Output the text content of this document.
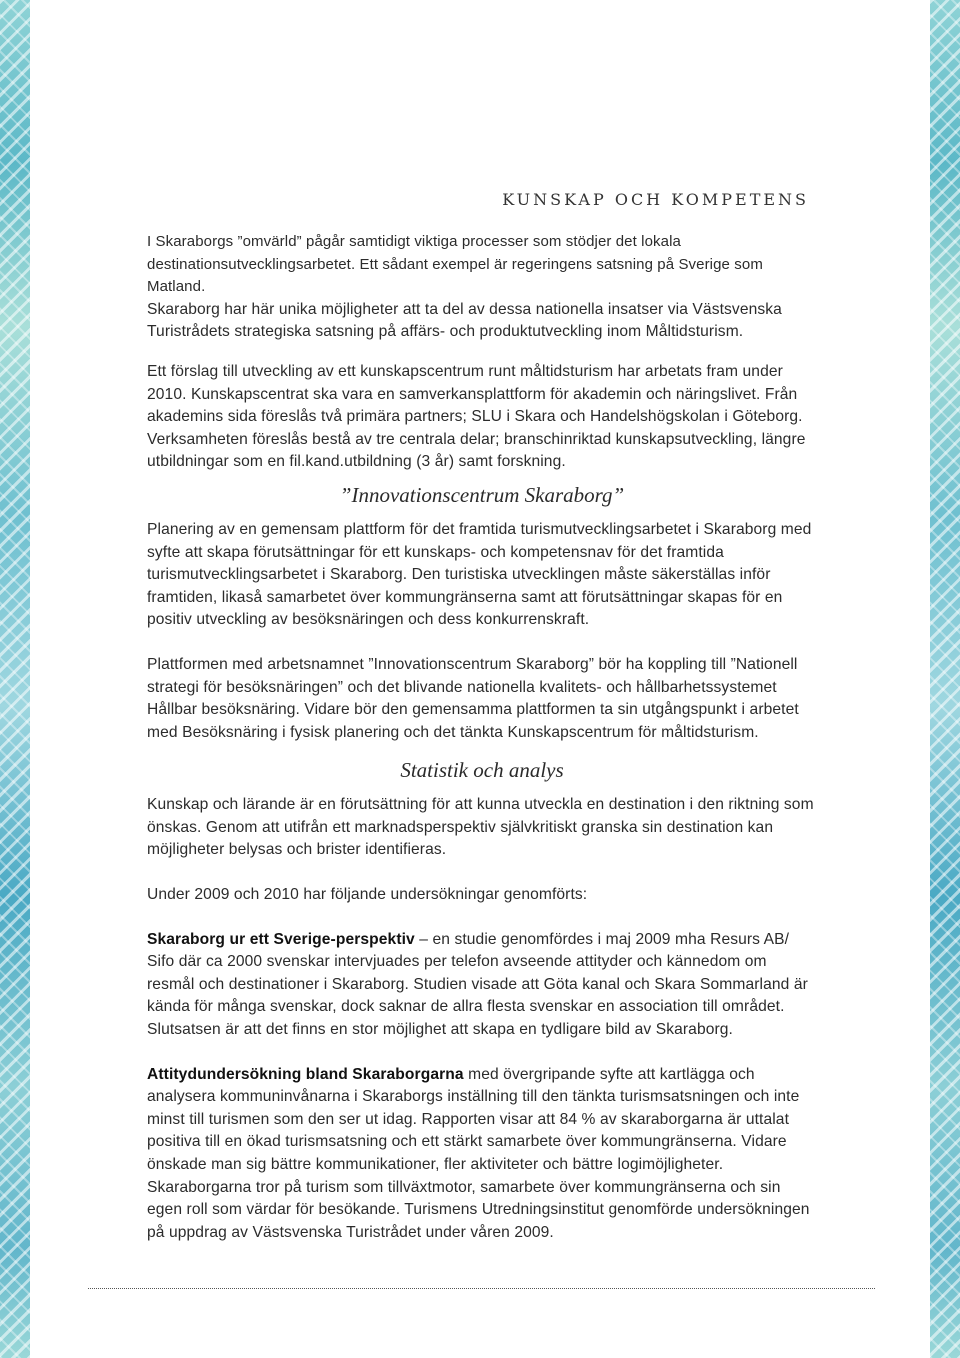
KUNSKAP OCH KOMPETENS

I Skaraborgs ”omvärld” pågår samtidigt viktiga processer som stödjer det lokala destinationsutvecklingsarbetet. Ett sådant exempel är regeringens satsning på Sverige som Matland.

Skaraborg har här unika möjligheter att ta del av dessa nationella insatser via Västsvenska Turistrådets strategiska satsning på affärs- och produktutveckling inom Måltidsturism.

Ett förslag till utveckling av ett kunskapscentrum runt måltidsturism har arbetats fram under 2010. Kunskapscentrat ska vara en samverkansplattform för akademin och näringslivet. Från akademins sida föreslås två primära partners; SLU i Skara och Handelshögskolan i Göteborg. Verksamheten föreslås bestå av tre centrala delar; branschinriktad kunskapsutveckling, längre utbildningar som en fil.kand.utbildning (3 år) samt forskning.

”Innovationscentrum Skaraborg”

Planering av en gemensam plattform för det framtida turismutvecklingsarbetet i Skaraborg med syfte att skapa förutsättningar för ett kunskaps- och kompetensnav för det framtida turismutvecklingsarbetet i Skaraborg. Den turistiska utvecklingen måste säkerställas inför framtiden, likaså samarbetet över kommungränserna samt att förutsättningar skapas för en positiv utveckling av besöksnäringen och dess konkurrenskraft.

Plattformen med arbetsnamnet ”Innovationscentrum Skaraborg” bör ha koppling till ”Nationell strategi för besöksnäringen” och det blivande nationella kvalitets- och hållbarhetssystemet Hållbar besöksnäring. Vidare bör den gemensamma plattformen ta sin utgångspunkt i arbetet med Besöksnäring i fysisk planering och det tänkta Kunskapscentrum för måltidsturism.

Statistik och analys

Kunskap och lärande är en förutsättning för att kunna utveckla en destination i den riktning som önskas. Genom att utifrån ett marknadsperspektiv självkritiskt granska sin destination kan möjligheter belysas och brister identifieras.

Under 2009 och 2010 har följande undersökningar genomförts:

Skaraborg ur ett Sverige-perspektiv – en studie genomfördes i maj 2009 mha Resurs AB/ Sifo där ca 2000 svenskar intervjuades per telefon avseende attityder och kännedom om resmål och destinationer i Skaraborg. Studien visade att Göta kanal och Skara Sommarland är kända för många svenskar, dock saknar de allra flesta svenskar en association till området. Slutsatsen är att det finns en stor möjlighet att skapa en tydligare bild av Skaraborg.

Attitydundersökning bland Skaraborgarna med övergripande syfte att kartlägga och analysera kommuninvånarna i Skaraborgs inställning till den tänkta turismsatsningen och inte minst till turismen som den ser ut idag. Rapporten visar att 84 % av skaraborgarna är uttalat positiva till en ökad turismsatsning och ett stärkt samarbete över kommungränserna. Vidare önskade man sig bättre kommunikationer, fler aktiviteter och bättre logimöjligheter. Skaraborgarna tror på turism som tillväxtmotor, samarbete över kommungränserna och sin egen roll som värdar för besökande. Turismens Utredningsinstitut genomförde undersökningen på uppdrag av Västsvenska Turistrådet under våren 2009.
